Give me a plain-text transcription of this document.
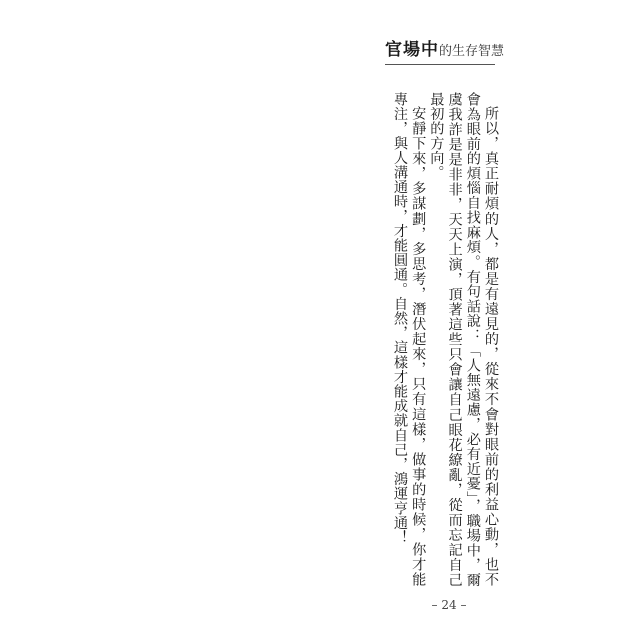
官場中的生存智慧

所以，真正耐煩的人，都是有遠見的，從來不會對眼前的利益心動，也不會為眼前的煩惱自找麻煩。有句話說：「人無遠慮，必有近憂」，職場中，爾虞我詐是是非非，天天上演，頂著這些只會讓自己眼花繚亂，從而忘記自己最初的方向。

安靜下來，多謀劃，多思考，潛伏起來，只有這樣，做事的時候，你才能專注，與人溝通時，才能圓通。自然，這樣才能成就自己，鴻運亨通！

– 24 –
